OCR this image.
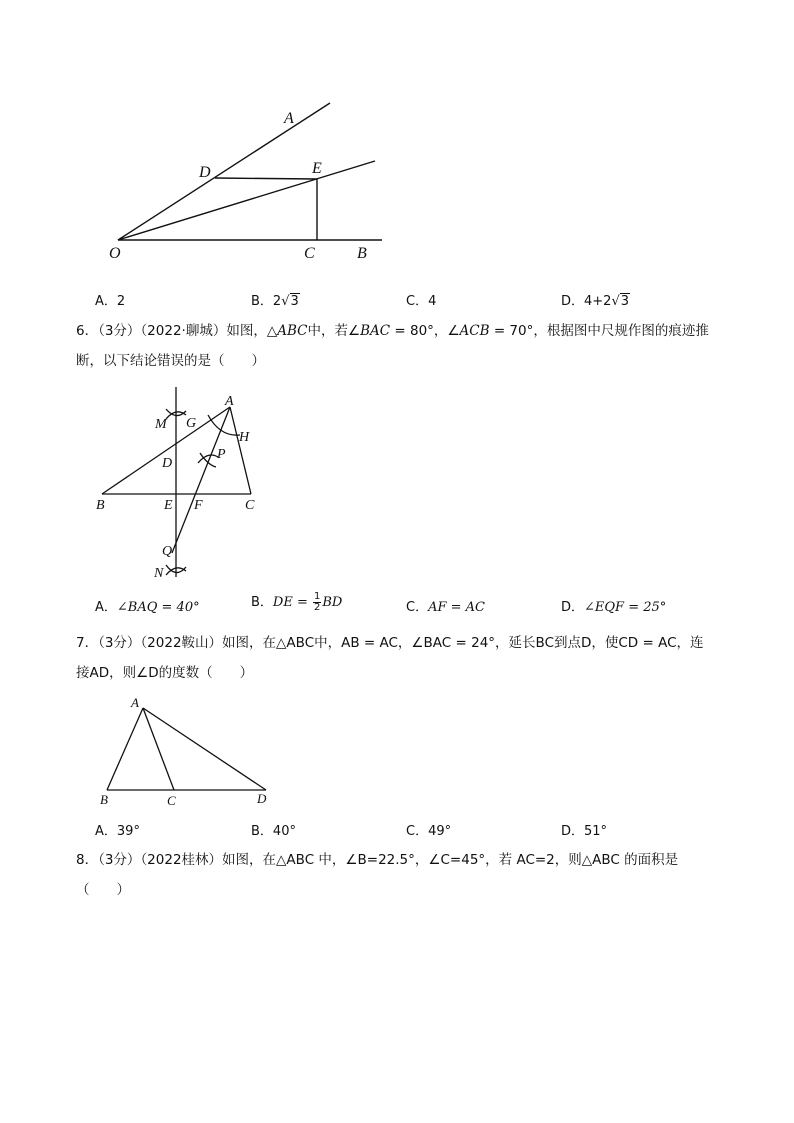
A
D	E
O	C	B
A．2	B．2√3	C．4	D．4+2√3

6．（3分）（2022·聊城）如图，△ABC中，若∠BAC = 80°，∠ACB = 70°，根据图中尺规作图的痕迹推

断，以下结论错误的是（　　）

M G
A
H
D
P
B	E F	C
Q
N
A．∠BAQ = 40°	B．DE = $\frac{1}{2}$ BD	C．AF = AC	D．∠EQF = 25°

7．（3分）（2022鞍山）如图，在△ABC中，AB = AC，∠BAC = 24°，延长BC到点D，使CD = AC，连

接AD，则∠D的度数（　　）

A
B	C	D
A．39°	B．40°	C．49°	D．51°

8．（3分）（2022桂林）如图，在△ABC 中，∠B=22.5°，∠C=45°，若 AC=2，则△ABC 的面积是

（　　）
